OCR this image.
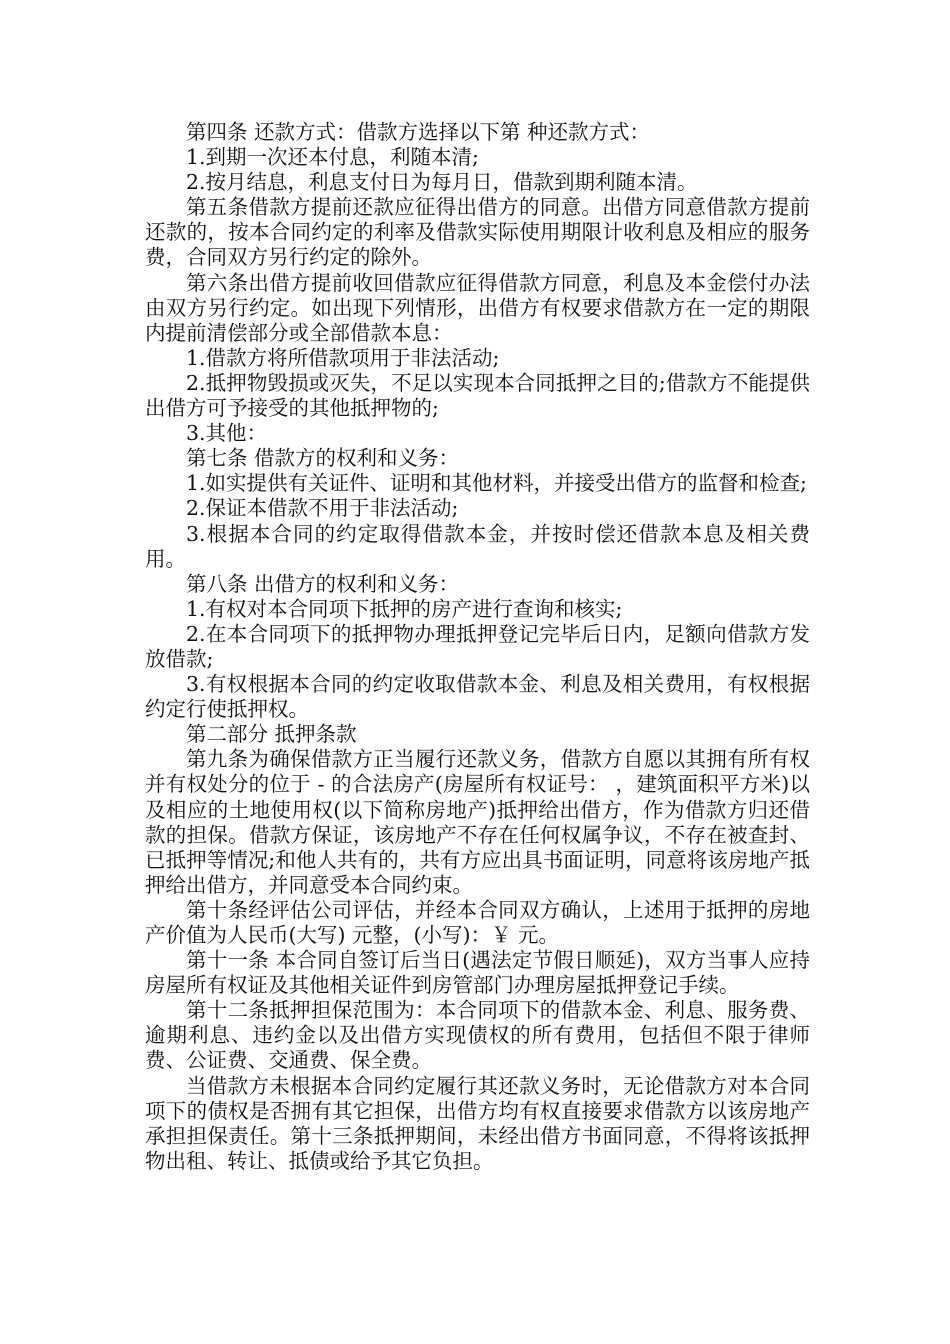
第四条 还款方式：借款方选择以下第 种还款方式：

1.到期一次还本付息，利随本清;

2.按月结息，利息支付日为每月日，借款到期利随本清。

第五条借款方提前还款应征得出借方的同意。出借方同意借款方提前还款的，按本合同约定的利率及借款实际使用期限计收利息及相应的服务费，合同双方另行约定的除外。

第六条出借方提前收回借款应征得借款方同意，利息及本金偿付办法由双方另行约定。如出现下列情形，出借方有权要求借款方在一定的期限内提前清偿部分或全部借款本息：

1.借款方将所借款项用于非法活动;

2.抵押物毁损或灭失，不足以实现本合同抵押之目的;借款方不能提供出借方可予接受的其他抵押物的;

3.其他：

第七条 借款方的权利和义务：

1.如实提供有关证件、证明和其他材料，并接受出借方的监督和检查;

2.保证本借款不用于非法活动;

3.根据本合同的约定取得借款本金，并按时偿还借款本息及相关费用。

第八条 出借方的权利和义务：

1.有权对本合同项下抵押的房产进行查询和核实;

2.在本合同项下的抵押物办理抵押登记完毕后日内，足额向借款方发放借款;

3.有权根据本合同的约定收取借款本金、利息及相关费用，有权根据约定行使抵押权。

第二部分 抵押条款

第九条为确保借款方正当履行还款义务，借款方自愿以其拥有所有权并有权处分的位于 - 的合法房产(房屋所有权证号： ，建筑面积平方米)以及相应的土地使用权(以下简称房地产)抵押给出借方，作为借款方归还借款的担保。借款方保证，该房地产不存在任何权属争议，不存在被查封、已抵押等情况;和他人共有的，共有方应出具书面证明，同意将该房地产抵押给出借方，并同意受本合同约束。

第十条经评估公司评估，并经本合同双方确认，上述用于抵押的房地产价值为人民币(大写) 元整，(小写)：￥ 元。

第十一条 本合同自签订后当日(遇法定节假日顺延)，双方当事人应持房屋所有权证及其他相关证件到房管部门办理房屋抵押登记手续。

第十二条抵押担保范围为：本合同项下的借款本金、利息、服务费、逾期利息、违约金以及出借方实现债权的所有费用，包括但不限于律师费、公证费、交通费、保全费。

当借款方未根据本合同约定履行其还款义务时，无论借款方对本合同项下的债权是否拥有其它担保，出借方均有权直接要求借款方以该房地产承担担保责任。第十三条抵押期间，未经出借方书面同意，不得将该抵押物出租、转让、抵债或给予其它负担。
